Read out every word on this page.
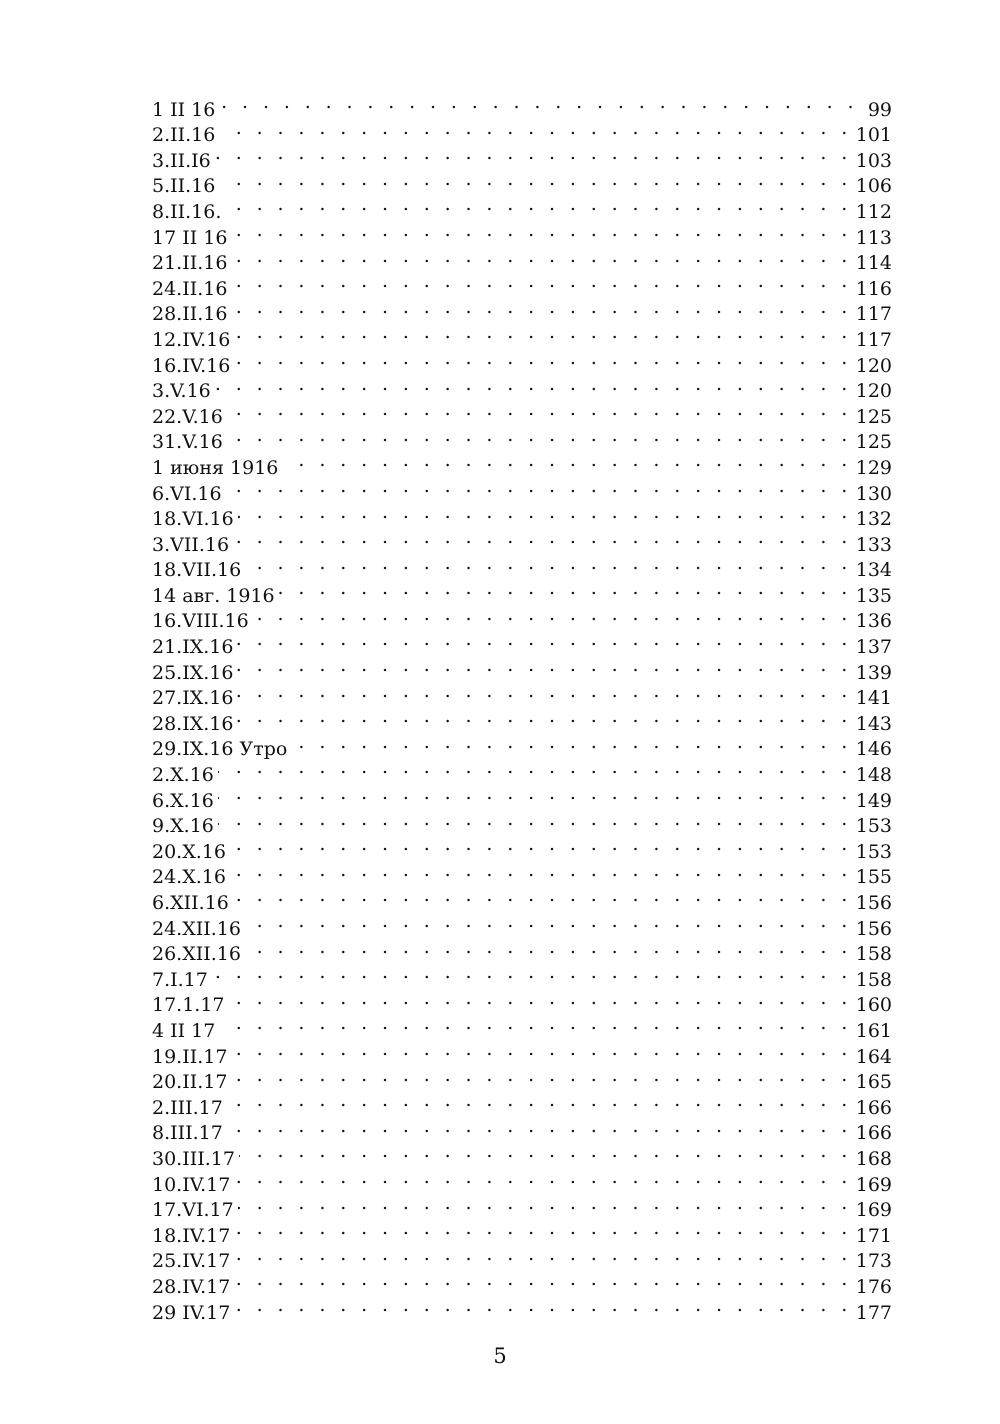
1 II 16 . . .	99
2.II.16 . . .	101
3.II.I6 . . .	103
5.II.16 . . .	106
8.II.16. . . .	112
17 II 16 . . .	113
21.II.16 . . .	114
24.II.16 . . .	116
28.II.16 . . .	117
12.IV.16 . . .	117
16.IV.16 . . .	120
3.V.16 . . .	120
22.V.16 . . .	125
31.V.16 . . .	125
1 июня 1916 . . .	129
6.VI.16 . . .	130
18.VI.16 . . .	132
3.VII.16 . . .	133
18.VII.16 . . .	134
14 авг. 1916 . . .	135
16.VIII.16 . . .	136
21.IX.16 . . .	137
25.IX.16 . . .	139
27.IX.16 . . .	141
28.IX.16 . . .	143
29.IX.16 Утро . . .	146
2.X.16 . . .	148
6.X.16 . . .	149
9.X.16 . . .	153
20.X.16 . . .	153
24.X.16 . . .	155
6.XII.16 . . .	156
24.XII.16 . . .	156
26.XII.16 . . .	158
7.I.17 . . .	158
17.1.17 . . .	160
4 II 17 . . .	161
19.II.17 . . .	164
20.II.17 . . .	165
2.III.17 . . .	166
8.III.17 . . .	166
30.III.17 . . .	168
10.IV.17 . . .	169
17.VI.17 . . .	169
18.IV.17 . . .	171
25.IV.17 . . .	173
28.IV.17 . . .	176
29 IV.17 . . .	177
5
